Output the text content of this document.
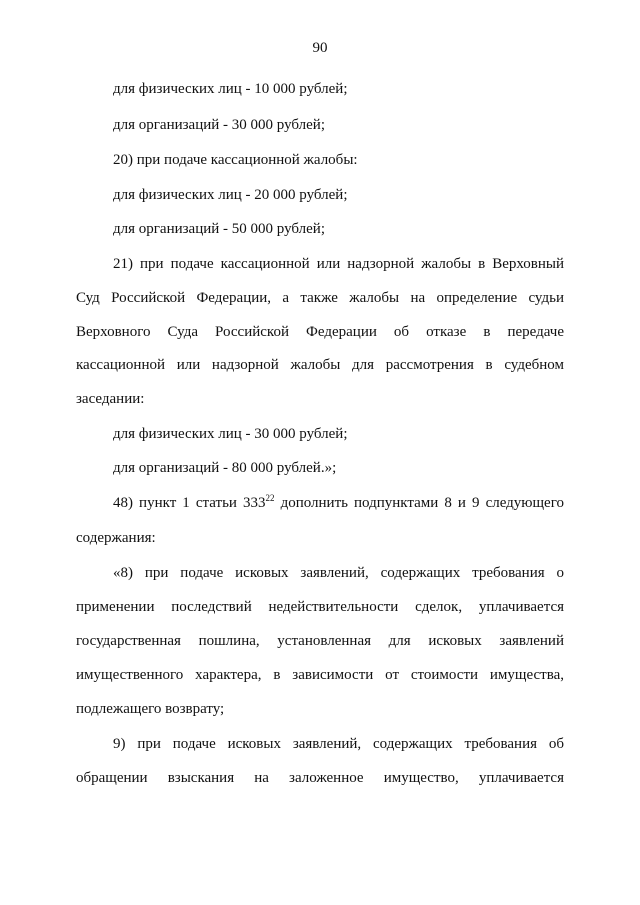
90
для физических лиц - 10 000 рублей;
для организаций - 30 000 рублей;
20) при подаче кассационной жалобы:
для физических лиц - 20 000 рублей;
для организаций - 50 000 рублей;
21) при подаче кассационной или надзорной жалобы в Верховный
Суд Российской Федерации, а также жалобы на определение судьи
Верховного Суда Российской Федерации об отказе в передаче
кассационной или надзорной жалобы для рассмотрения в судебном
заседании:
для физических лиц - 30 000 рублей;
для организаций - 80 000 рублей.»;
48) пункт 1 статьи $333^{22}$ дополнить подпунктами 8 и 9 следующего
содержания:
«8) при подаче исковых заявлений, содержащих требования о
применении последствий недействительности сделок, уплачивается
государственная пошлина, установленная для исковых заявлений
имущественного характера, в зависимости от стоимости имущества,
подлежащего возврату;
9) при подаче исковых заявлений, содержащих требования об
обращении взыскания на заложенное имущество, уплачивается
